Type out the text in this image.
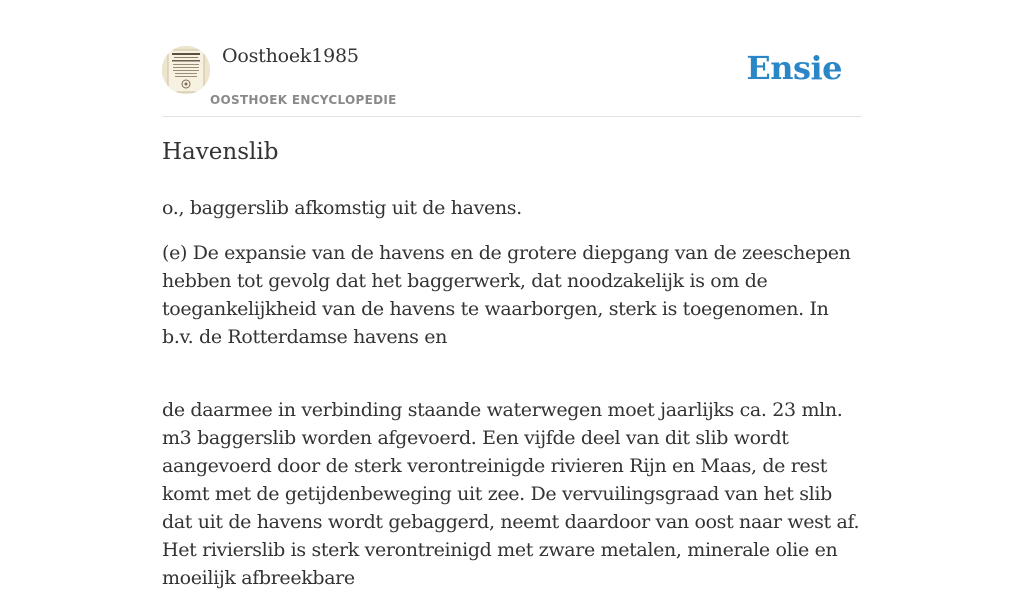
Oosthoek1985
OOSTHOEK ENCYCLOPEDIE
Ensie
Havenslib

o., baggerslib afkomstig uit de havens.

(e) De expansie van de havens en de grotere diepgang van de zeeschepen hebben tot gevolg dat het baggerwerk, dat noodzakelijk is om de toegankelijkheid van de havens te waarborgen, sterk is toegenomen. In b.v. de Rotterdamse havens en

de daarmee in verbinding staande waterwegen moet jaarlijks ca. 23 mln. m3 baggerslib worden afgevoerd. Een vijfde deel van dit slib wordt aangevoerd door de sterk verontreinigde rivieren Rijn en Maas, de rest komt met de getijdenbeweging uit zee. De vervuilingsgraad van het slib dat uit de havens wordt gebaggerd, neemt daardoor van oost naar west af. Het rivierslib is sterk verontreinigd met zware metalen, minerale olie en moeilijk afbreekbare
